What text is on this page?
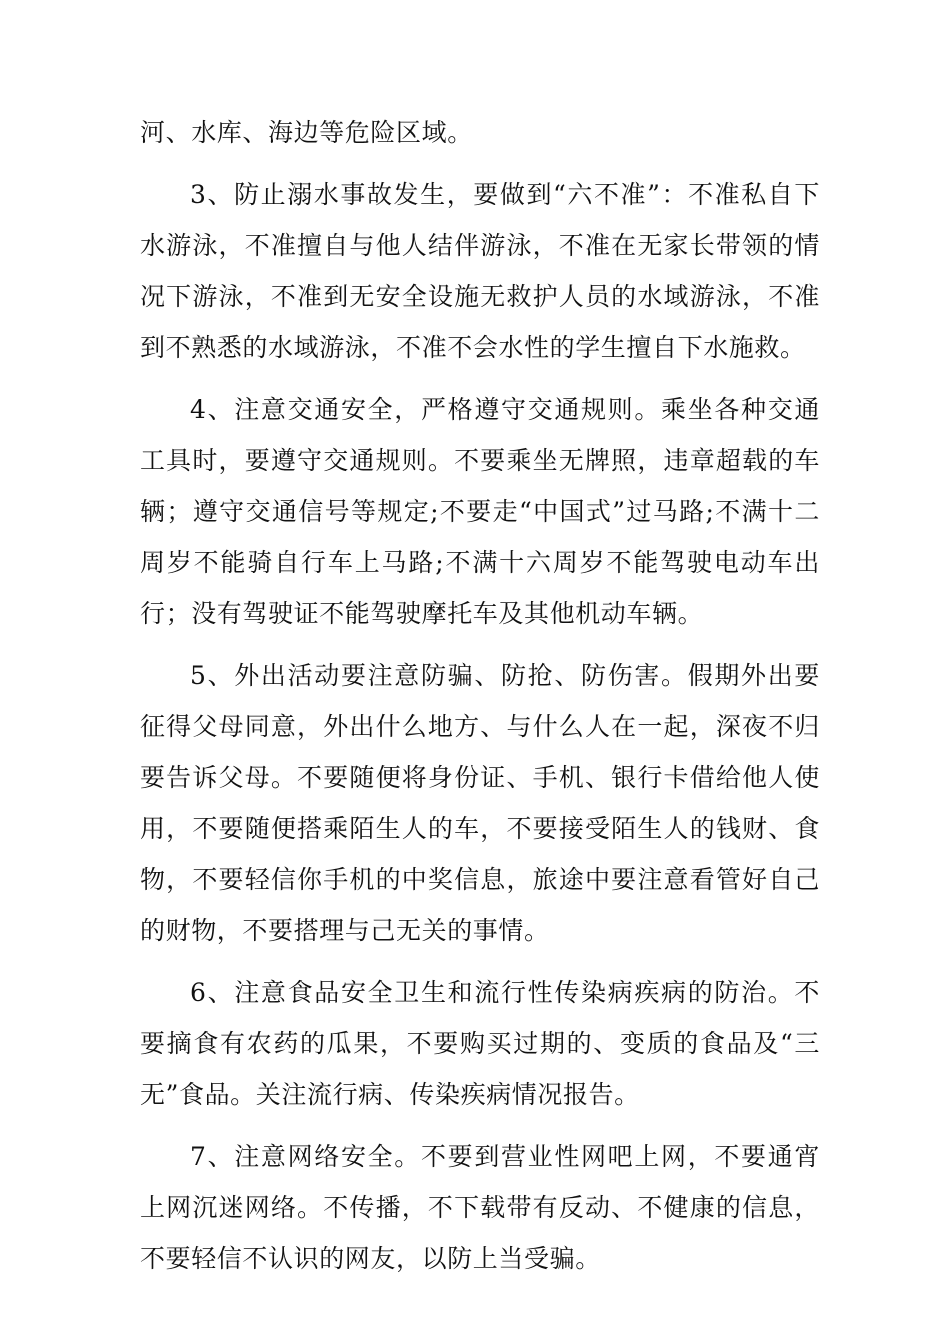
河、水库、海边等危险区域。

3、防止溺水事故发生，要做到“六不准”：不准私自下水游泳，不准擅自与他人结伴游泳，不准在无家长带领的情况下游泳，不准到无安全设施无救护人员的水域游泳，不准到不熟悉的水域游泳，不准不会水性的学生擅自下水施救。

4、注意交通安全，严格遵守交通规则。乘坐各种交通工具时，要遵守交通规则。不要乘坐无牌照，违章超载的车辆；遵守交通信号等规定;不要走“中国式”过马路;不满十二周岁不能骑自行车上马路;不满十六周岁不能驾驶电动车出行；没有驾驶证不能驾驶摩托车及其他机动车辆。

5、外出活动要注意防骗、防抢、防伤害。假期外出要征得父母同意，外出什么地方、与什么人在一起，深夜不归要告诉父母。不要随便将身份证、手机、银行卡借给他人使用，不要随便搭乘陌生人的车，不要接受陌生人的钱财、食物，不要轻信你手机的中奖信息，旅途中要注意看管好自己的财物，不要搭理与己无关的事情。

6、注意食品安全卫生和流行性传染病疾病的防治。不要摘食有农药的瓜果，不要购买过期的、变质的食品及“三无”食品。关注流行病、传染疾病情况报告。

7、注意网络安全。不要到营业性网吧上网，不要通宵上网沉迷网络。不传播，不下载带有反动、不健康的信息，不要轻信不认识的网友，以防上当受骗。
